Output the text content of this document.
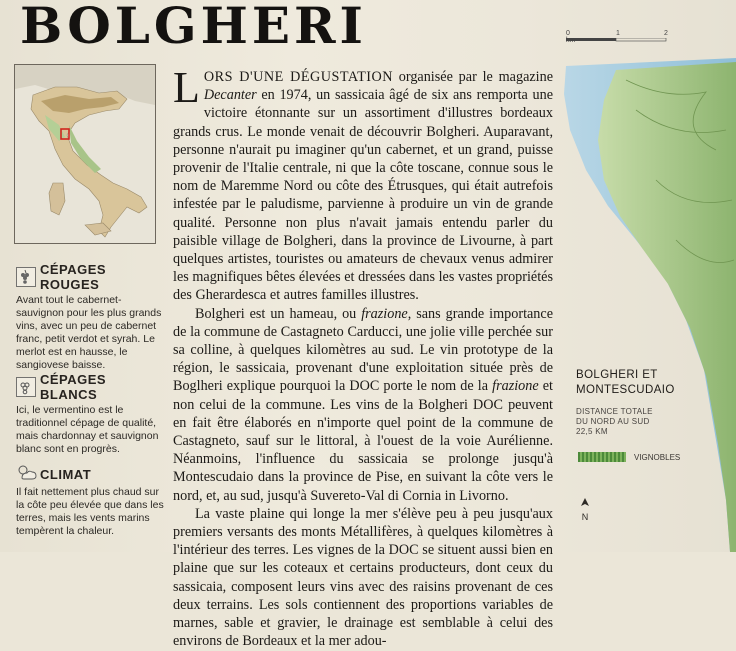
BOLGHERI
CÉPAGES ROUGES

Avant tout le cabernet-sauvignon pour les plus grands vins, avec un peu de cabernet franc, petit verdot et syrah. Le merlot est en hausse, le sangiovese baisse.

CÉPAGES BLANCS

Ici, le vermentino est le traditionnel cépage de qualité, mais chardonnay et sauvignon blanc sont en progrès.

CLIMAT

Il fait nettement plus chaud sur la côte peu élevée que dans les terres, mais les vents marins tempèrent la chaleur.

LORS D'UNE DÉGUSTATION organisée par le magazine Decanter en 1974, un sassicaia âgé de six ans remporta une victoire étonnante sur un assortiment d'illustres bordeaux grands crus. Le monde venait de découvrir Bolgheri. Auparavant, personne n'aurait pu imaginer qu'un cabernet, et un grand, puisse provenir de l'Italie centrale, ni que la côte toscane, connue sous le nom de Maremme Nord ou côte des Étrusques, qui était autrefois infestée par le paludisme, parvienne à produire un vin de grande qualité. Personne non plus n'avait jamais entendu parler du paisible village de Bolgheri, dans la province de Livourne, à part quelques artistes, touristes ou amateurs de chevaux venus admirer les magnifiques bêtes élevées et dressées dans les vastes propriétés des Gherardesca et autres familles illustres.

Bolgheri est un hameau, ou frazione, sans grande importance de la commune de Castagneto Carducci, une jolie ville perchée sur sa colline, à quelques kilomètres au sud. Le vin prototype de la région, le sassicaia, provenant d'une exploitation située près de Boglheri explique pourquoi la DOC porte le nom de la frazione et non celui de la commune. Les vins de la Bolgheri DOC peuvent en fait être élaborés en n'importe quel point de la commune de Castagneto, sauf sur le littoral, à l'ouest de la voie Aurélienne. Néanmoins, l'influence du sassicaia se prolonge jusqu'à Montescudaio dans la province de Pise, en suivant la côte vers le nord, et, au sud, jusqu'à Suvereto-Val di Cornia in Livorno.

La vaste plaine qui longe la mer s'élève peu à peu jusqu'aux premiers versants des monts Métallifères, à quelques kilomètres à l'intérieur des terres. Les vignes de la DOC se situent aussi bien en plaine que sur les coteaux et certains producteurs, dont ceux du sassicaia, composent leurs vins avec des raisins provenant de ces deux terrains. Les sols contiennent des proportions variables de marnes, sable et gravier, le drainage est semblable à celui des environs de Bordeaux et la mer adou-

0 km
1	2
BOLGHERI ET
MONTESCUDAIO
DISTANCE TOTALE
DU NORD AU SUD
22,5 KM
VIGNOBLES
N
